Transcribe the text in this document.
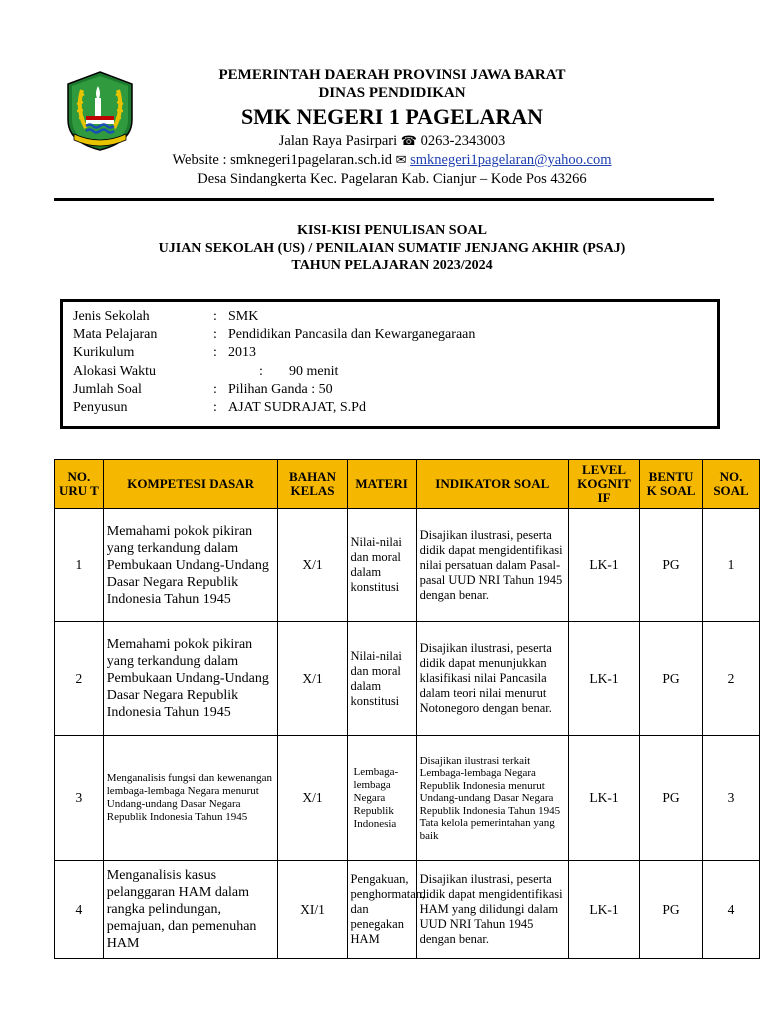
PEMERINTAH DAERAH PROVINSI JAWA BARAT
DINAS PENDIDIKAN
SMK NEGERI 1 PAGELARAN
Jalan Raya Pasirpari ☎ 0263-2343003
Website : smknegeri1pagelaran.sch.id ✉ smknegeri1pagelaran@yahoo.com
Desa Sindangkerta Kec. Pagelaran Kab. Cianjur – Kode Pos 43266
KISI-KISI PENULISAN SOAL
UJIAN SEKOLAH (US) / PENILAIAN SUMATIF JENJANG AKHIR (PSAJ)
TAHUN PELAJARAN 2023/2024
Jenis Sekolah	: SMK
Mata Pelajaran	: Pendidikan Pancasila dan Kewarganegaraan
Kurikulum	: 2013
Alokasi Waktu	: 90 menit
Jumlah Soal	: Pilihan Ganda : 50
Penyusun	: AJAT SUDRAJAT, S.Pd
NO. URU T	KOMPETESI DASAR	BAHAN KELAS	MATERI	INDIKATOR SOAL	LEVEL KOGNIT IF	BENTU K SOAL	NO. SOAL
1	Memahami pokok pikiran yang terkandung dalam Pembukaan Undang-Undang Dasar Negara Republik Indonesia Tahun 1945	X/1	Nilai-nilai dan moral dalam konstitusi	Disajikan ilustrasi, peserta didik dapat mengidentifikasi nilai persatuan dalam Pasal-pasal UUD NRI Tahun 1945 dengan benar.	LK-1	PG	1
2	Memahami pokok pikiran yang terkandung dalam Pembukaan Undang-Undang Dasar Negara Republik Indonesia Tahun 1945	X/1	Nilai-nilai dan moral dalam konstitusi	Disajikan ilustrasi, peserta didik dapat menunjukkan klasifikasi nilai Pancasila dalam teori nilai menurut Notonegoro dengan benar.	LK-1	PG	2
3	Menganalisis fungsi dan kewenangan lembaga-lembaga Negara menurut Undang-undang Dasar Negara Republik Indonesia Tahun 1945	X/1	Lembaga-lembaga Negara Republik Indonesia	Disajikan ilustrasi terkait Lembaga-lembaga Negara Republik Indonesia menurut Undang-undang Dasar Negara Republik Indonesia Tahun 1945 Tata kelola pemerintahan yang baik	LK-1	PG	3
4	Menganalisis kasus pelanggaran HAM dalam rangka pelindungan, pemajuan, dan pemenuhan HAM	XI/1	Pengakuan, penghormatan, dan penegakan HAM	Disajikan ilustrasi, peserta didik dapat mengidentifikasi HAM yang dilidungi dalam UUD NRI Tahun 1945 dengan benar.	LK-1	PG	4
